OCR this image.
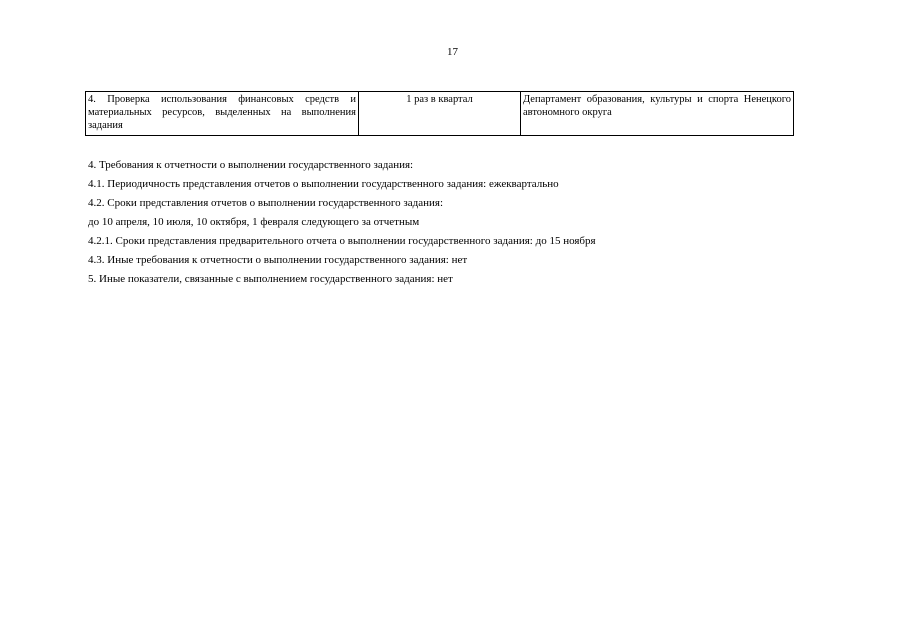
17
4. Проверка использования финансовых средств и материальных ресурсов, выделенных на выполнения задания	1 раз в квартал	Департамент образования, культуры и спорта Ненецкого автономного округа

4. Требования к отчетности о выполнении государственного задания:

4.1. Периодичность представления отчетов о выполнении государственного задания: ежеквартально

4.2. Сроки представления отчетов о выполнении государственного задания:

до 10 апреля, 10 июля, 10 октября, 1 февраля следующего за отчетным

4.2.1. Сроки представления предварительного отчета о выполнении государственного задания: до 15 ноября

4.3. Иные требования к отчетности о выполнении государственного задания: нет

5. Иные показатели, связанные с выполнением государственного задания: нет
